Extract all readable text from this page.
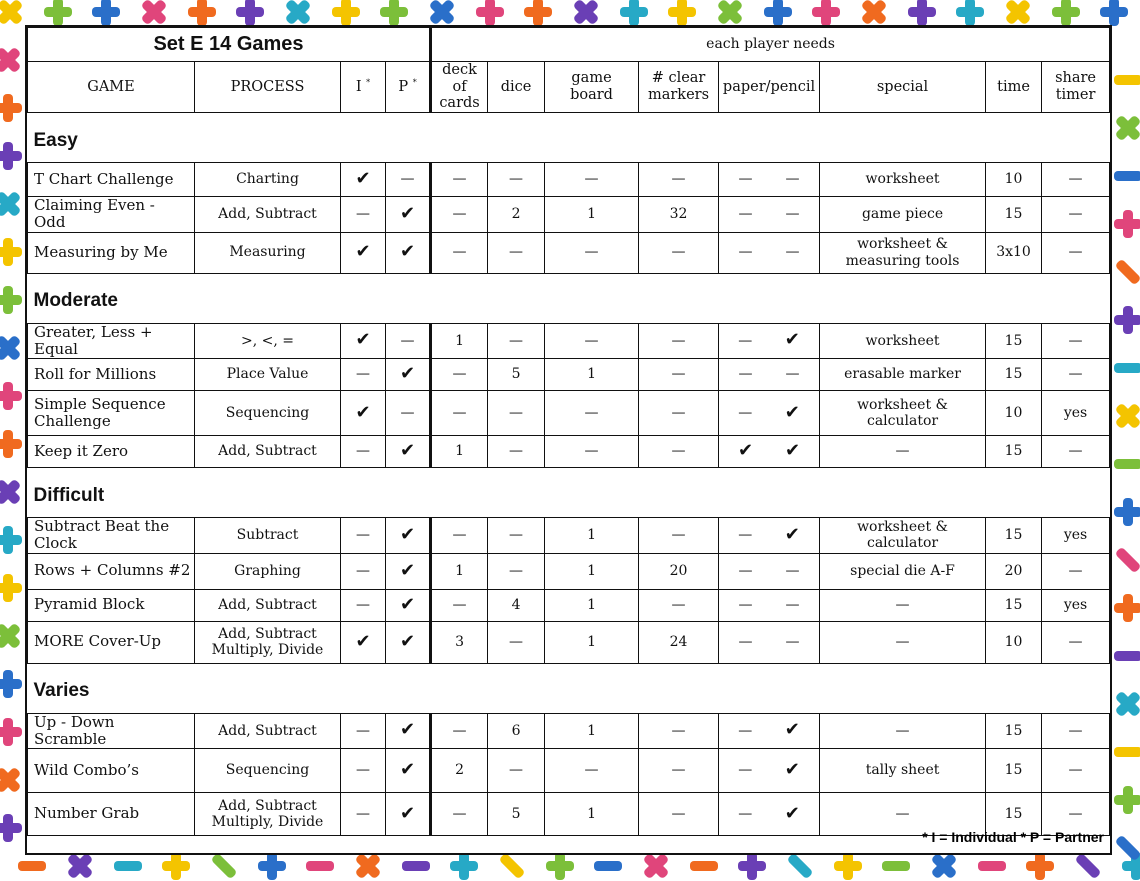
Set E 14 Games				each player needs							
GAME	PROCESS	I *	P *	deck of cards	dice	game board	# clear markers	paper/pencil	special	time	share timer
Easy											
T Chart Challenge	Charting	✔	—	—	—	—	—	— —	worksheet	10	—
Claiming Even - Odd	Add, Subtract	—	✔	—	2	1	32	— —	game piece	15	—
Measuring by Me	Measuring	✔	✔	—	—	—	—	— —	worksheet & measuring tools	3x10	—
Moderate											
Greater, Less + Equal	>, <, =	✔	—	1	—	—	—	— ✔	worksheet	15	—
Roll for Millions	Place Value	—	✔	—	5	1	—	— —	erasable marker	15	—
Simple Sequence Challenge	Sequencing	✔	—	—	—	—	—	— ✔	worksheet & calculator	10	yes
Keep it Zero	Add, Subtract	—	✔	1	—	—	—	✔ ✔	—	15	—
Difficult											
Subtract Beat the Clock	Subtract	—	✔	—	—	1	—	— ✔	worksheet & calculator	15	yes
Rows + Columns #2	Graphing	—	✔	1	—	1	20	— —	special die A-F	20	—
Pyramid Block	Add, Subtract	—	✔	—	4	1	—	— —	—	15	yes
MORE Cover-Up	Add, Subtract Multiply, Divide	✔	✔	3	—	1	24	— —	—	10	—
Varies											
Up - Down Scramble	Add, Subtract	—	✔	—	6	1	—	— ✔	—	15	—
Wild Combo’s	Sequencing	—	✔	2	—	—	—	— ✔	tally sheet	15	—
Number Grab	Add, Subtract Multiply, Divide	—	✔	—	5	1	—	— ✔	—	15	—
* I = Individual * P = Partner
